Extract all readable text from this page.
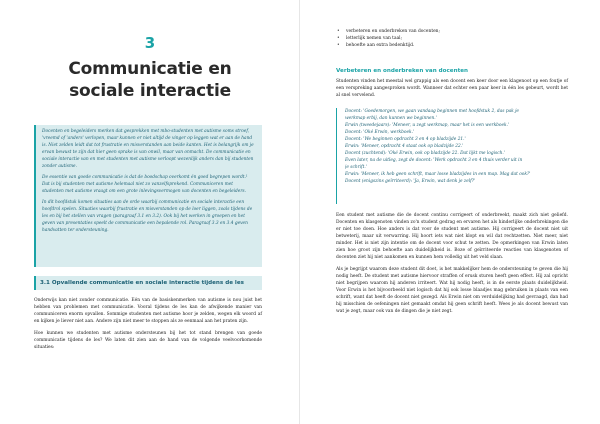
3
Communicatie en
sociale interactie

Docenten en begeleiders merken dat gesprekken met mbo-studenten met autisme soms stroef, 'vreemd of 'anders' verlopen, maar kunnen er niet altijd de vinger op leggen wat er aan de hand is. Niet zelden leidt dat tot frustratie en misverstanden aan beide kanten. Het is belangrijk om je ervan bewust te zijn dat hier geen sprake is van onwil, maar van onmacht. De communicatie en sociale interactie van en met studenten met autisme verloopt wezenlijk anders dan bij studenten zonder autisme.

De essentie van goede communicatie is dat de boodschap overkomt én goed begrepen wordt.¹ Dat is bij studenten met autisme helemaal niet zo vanzelfsprekend. Communiceren met studenten met autisme vraagt om een grote inlevingsvermogen van docenten en begeleiders.

In dit hoofdstuk komen situaties aan de orde waarbij communicatie en sociale interactie een hoofdrol spelen. Situaties waarbij frustratie en misverstanden op de loer liggen, zoals tijdens de les en bij het stellen van vragen (paragraaf 3.1 en 3.2). Ook bij het werken in groepen en het geven van presentaties speelt de communicatie een bepalende rol. Paragraaf 3.3 en 3.4 geven handvatten ter ondersteuning.

3.1 Opvallende communicatie en sociale interactie tijdens de les

Onderwijs kan niet zonder communicatie. Eén van de basiskenmerken van autisme is nou juist het hebben van problemen met communicatie. Vooral tijdens de les kan de afwijkende manier van communiceren enorm opvallen. Sommige studenten met autisme hoor je zelden, wegen elk woord af en kijken je liever niet aan. Andere zijn niet meer te stoppen als ze eenmaal aan het praten zijn.

Hoe kunnen we studenten met autisme ondersteunen bij het tot stand brengen van goede communicatie tijdens de les? We laten dit zien aan de hand van de volgende veelvoorkomende situaties:

• verbeteren en onderbreken van docenten;
• letterlijk nemen van taal;
• behoefte aan extra bedenktijd.
Verbeteren en onderbreken van docenten
Studenten vinden het meestal wel grappig als een docent een keer door een klagenoot op een foutje of een verspreking aangesproken wordt. Wanneer dat echter een paar keer in één les gebeurt, wordt het al snel vervelend.
Docent: 'Goedemorgen, we gaan vandaag beginnen met hoofdstuk 2, das pak je
werkmap erbij, dan kunnen we beginnen.'
Erwin (tweedejaars): 'Meneer, u zegt werkmap, maar het is een werkboek.'
Docent: 'Oké Erwin, werkboek.'
Docent: 'We beginnen opdracht 3 en 4 op bladzijde 21.'
Erwin: 'Meneer, opdracht 4 staat ook op bladzijde 22.'
Docent (zuchtend): 'Oké Erwin, ook op bladzijde 22. Dat lijkt me logisch.'
Even later, na de uitleg, zegt de docent: 'Werk opdracht 3 en 4 thuis verder uit in
je schrift.'
Erwin: 'Meneer, ik heb geen schrift, maar losse bladzijdes in een map. Mag dat ook?'
Docent (enigszins geïrriteerd): 'Ja, Erwin, wat denk je zelf?'

Een student met autisme die de docent continu corrigeert of onderbreekt, maakt zich niet geliefd. Docenten en klasgenoten vinden zo'n student gedrag en ervaren het als hinderlijke onderbrekingen die er niet toe doen. Hoe anders is dat voor de student met autisme. Hij corrigeert de docent niet uit betweterij, maar uit verwarring. Hij hoort iets wat niet klopt en wil dat rechtzetten. Niet meer, niet minder. Het is niet zijn intentie om de docent voor schut te zetten. De opmerkingen van Erwin laten zien hoe groot zijn behoefte aan duidelijkheid is. Boze of geïrriteerde reacties van klasgenoten of docenten ziet hij niet aankomen en kunnen hem volledig uit het veld slaan.

Als je begrijpt waarom deze student dit doet, is het makkelijker hem de ondersteuning te geven die hij nodig heeft. De student met autisme hiervoor straffen of erusk sturen heeft geen effect. Hij zal opricht niet begrijpen waarom hij anderen irriteert. Wat hij nodig heeft, is in de eerste plaats duidelijkheid. Voor Erwin is het bijvoorbeeld niet logisch dat hij ook losse blaadjes mag gebruiken in plaats van een schrift, want dat heeft de docent niet gezegd. Als Erwin niet om verduidelijking had gevraagd, dan had hij misschien de oefeningen niet gemaakt omdat hij geen schrift heeft. Wees je als docent bewust van wat je zegt, maar ook van de dingen die je niet zegt.
